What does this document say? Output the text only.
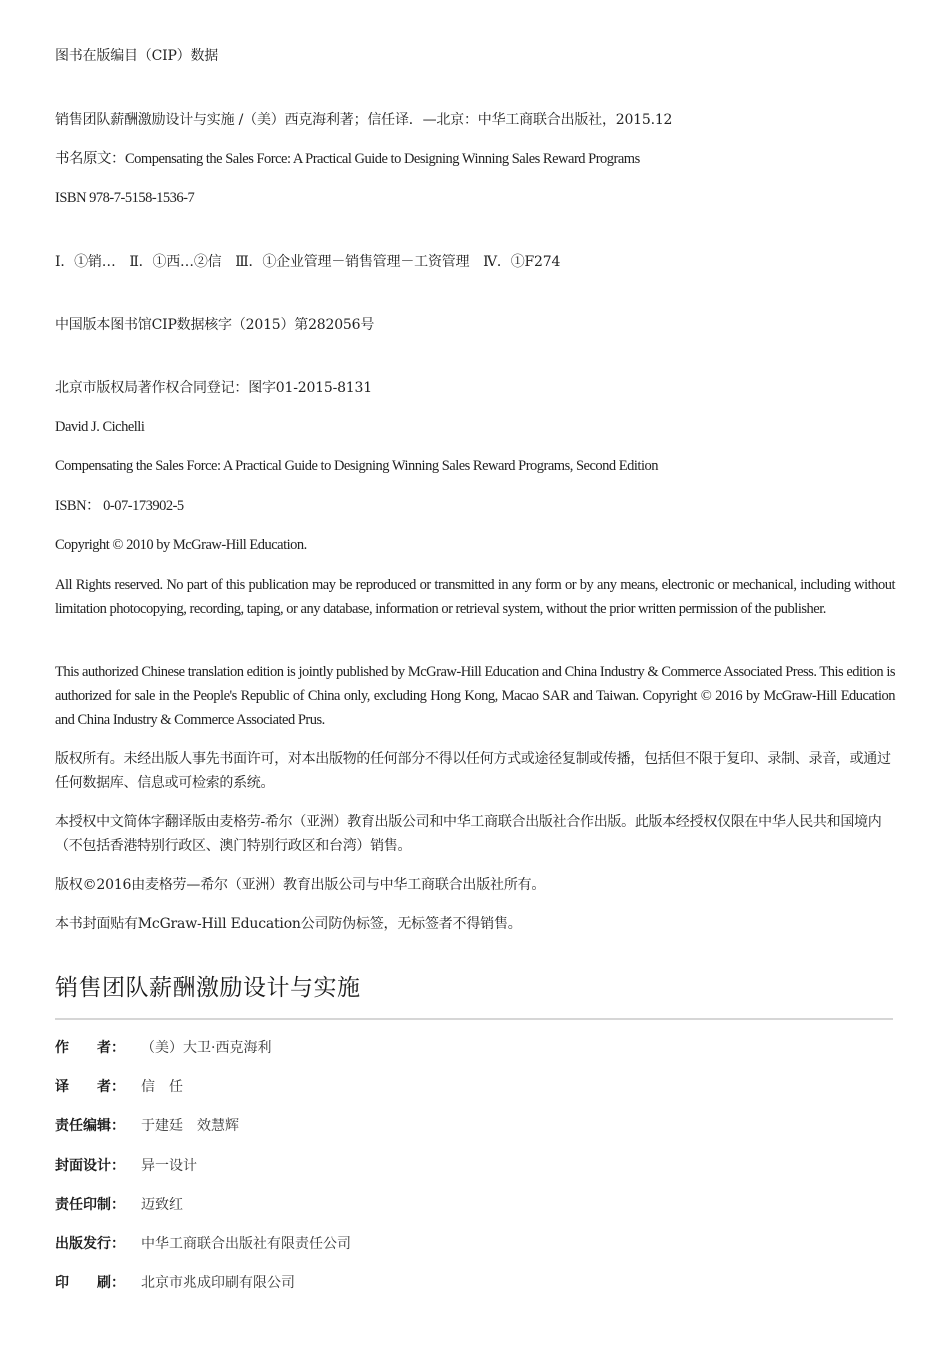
图书在版编目（CIP）数据
销售团队薪酬激励设计与实施 /（美）西克海利著；信任译．—北京：中华工商联合出版社，2015.12
书名原文：Compensating the Sales Force: A Practical Guide to Designing Winning Sales Reward Programs
ISBN 978-7-5158-1536-7
Ⅰ．①销…　Ⅱ．①西…②信　Ⅲ．①企业管理－销售管理－工资管理　Ⅳ．①F274
中国版本图书馆CIP数据核字（2015）第282056号
北京市版权局著作权合同登记：图字01-2015-8131
David J. Cichelli
Compensating the Sales Force: A Practical Guide to Designing Winning Sales Reward Programs, Second Edition
ISBN： 0-07-173902-5
Copyright © 2010 by McGraw-Hill Education.
All Rights reserved. No part of this publication may be reproduced or transmitted in any form or by any means, electronic or mechanical, including without limitation photocopying, recording, taping, or any database, information or retrieval system, without the prior written permission of the publisher.
This authorized Chinese translation edition is jointly published by McGraw-Hill Education and China Industry & Commerce Associated Press. This edition is authorized for sale in the People's Republic of China only, excluding Hong Kong, Macao SAR and Taiwan. Copyright © 2016 by McGraw-Hill Education and China Industry & Commerce Associated Prus.
版权所有。未经出版人事先书面许可，对本出版物的任何部分不得以任何方式或途径复制或传播，包括但不限于复印、录制、录音，或通过任何数据库、信息或可检索的系统。
本授权中文简体字翻译版由麦格劳-希尔（亚洲）教育出版公司和中华工商联合出版社合作出版。此版本经授权仅限在中华人民共和国境内（不包括香港特别行政区、澳门特别行政区和台湾）销售。
版权©2016由麦格劳—希尔（亚洲）教育出版公司与中华工商联合出版社所有。
本书封面贴有McGraw-Hill Education公司防伪标签，无标签者不得销售。
销售团队薪酬激励设计与实施
作　　者： （美）大卫·西克海利
译　　者： 信　任
责任编辑： 于建廷　效慧辉
封面设计： 异一设计
责任印制： 迈致红
出版发行： 中华工商联合出版社有限责任公司
印　　刷： 北京市兆成印刷有限公司
